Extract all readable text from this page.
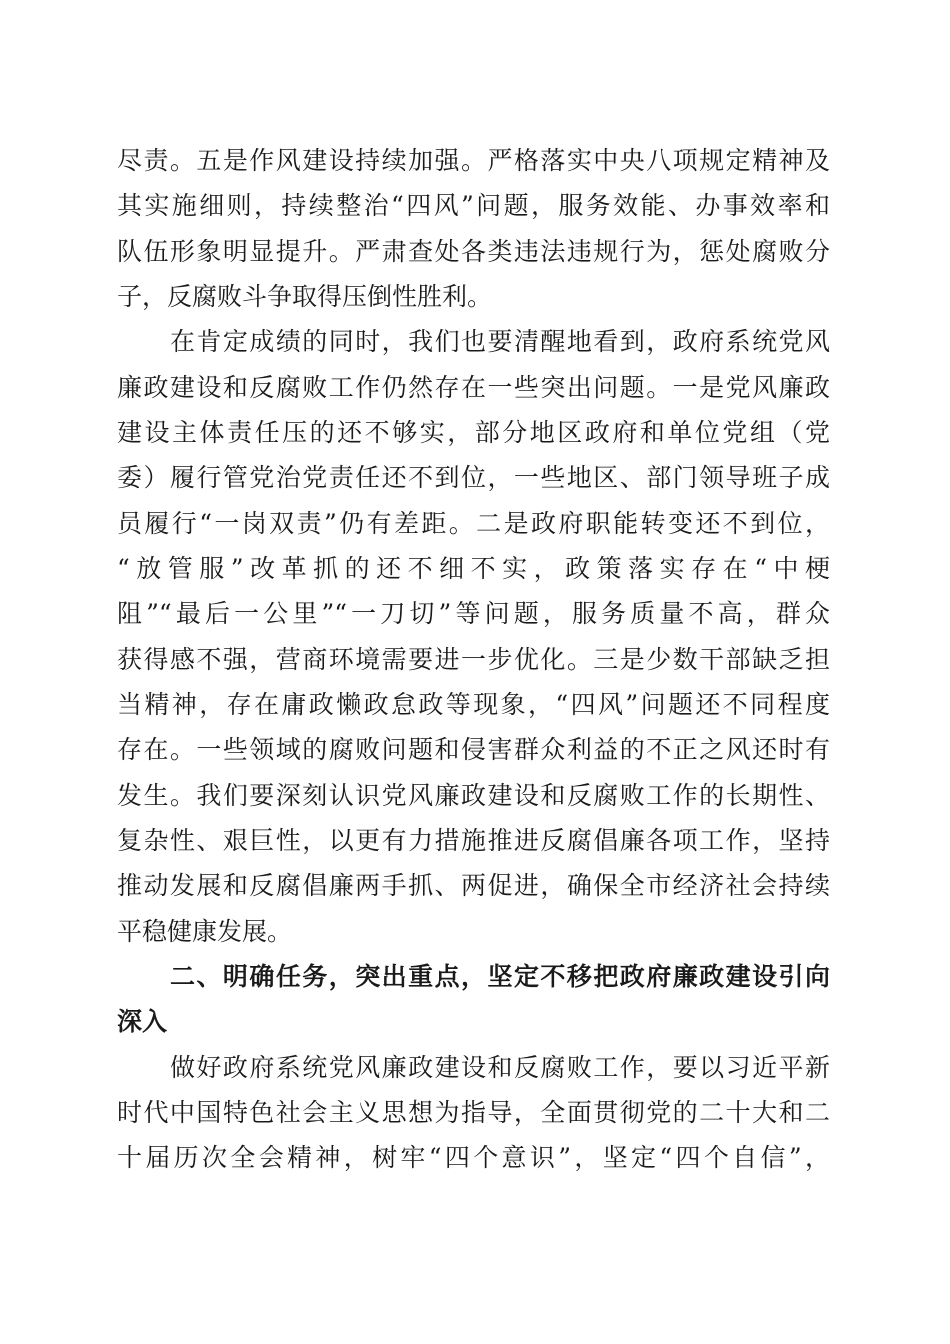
尽责。五是作风建设持续加强。严格落实中央八项规定精神及
其实施细则，持续整治“四风”问题，服务效能、办事效率和
队伍形象明显提升。严肃查处各类违法违规行为，惩处腐败分
子，反腐败斗争取得压倒性胜利。
在肯定成绩的同时，我们也要清醒地看到，政府系统党风
廉政建设和反腐败工作仍然存在一些突出问题。一是党风廉政
建设主体责任压的还不够实，部分地区政府和单位党组（党
委）履行管党治党责任还不到位，一些地区、部门领导班子成
员履行“一岗双责”仍有差距。二是政府职能转变还不到位，
“放管服”改革抓的还不细不实，政策落实存在“中梗
阻”“最后一公里”“一刀切”等问题，服务质量不高，群众
获得感不强，营商环境需要进一步优化。三是少数干部缺乏担
当精神，存在庸政懒政怠政等现象，“四风”问题还不同程度
存在。一些领域的腐败问题和侵害群众利益的不正之风还时有
发生。我们要深刻认识党风廉政建设和反腐败工作的长期性、
复杂性、艰巨性，以更有力措施推进反腐倡廉各项工作，坚持
推动发展和反腐倡廉两手抓、两促进，确保全市经济社会持续
平稳健康发展。
二、明确任务，突出重点，坚定不移把政府廉政建设引向
深入
做好政府系统党风廉政建设和反腐败工作，要以习近平新
时代中国特色社会主义思想为指导，全面贯彻党的二十大和二
十届历次全会精神，树牢“四个意识”，坚定“四个自信”，
